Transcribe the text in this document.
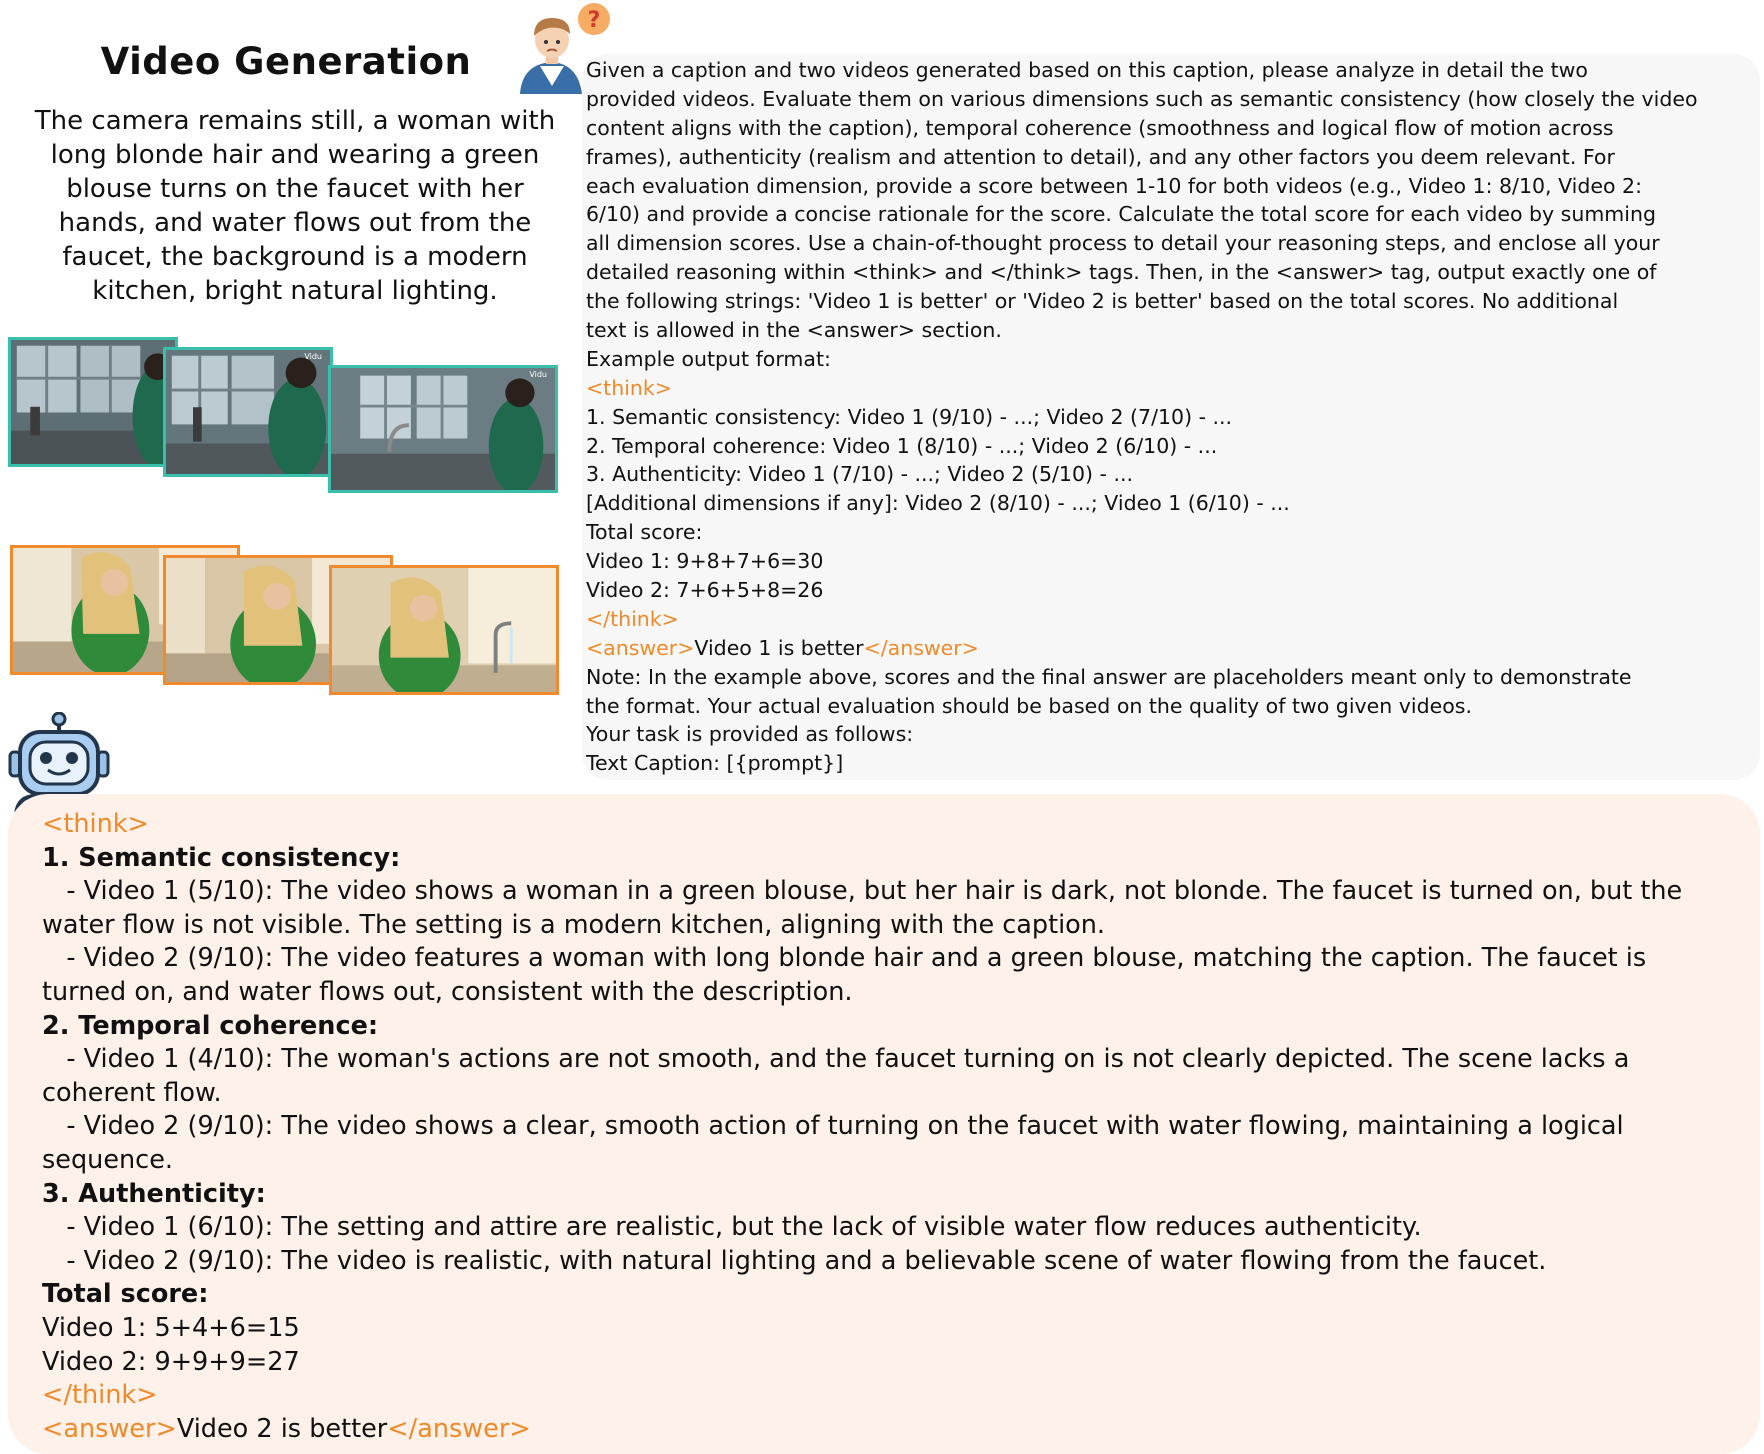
Video Generation
The camera remains still, a woman with long blonde hair and wearing a green blouse turns on the faucet with her hands, and water flows out from the faucet, the background is a modern kitchen, bright natural lighting.
Vidu
Vidu
?
Given a caption and two videos generated based on this caption, please analyze in detail the two
provided videos. Evaluate them on various dimensions such as semantic consistency (how closely the video
content aligns with the caption), temporal coherence (smoothness and logical flow of motion across
frames), authenticity (realism and attention to detail), and any other factors you deem relevant. For
each evaluation dimension, provide a score between 1-10 for both videos (e.g., Video 1: 8/10, Video 2:
6/10) and provide a concise rationale for the score. Calculate the total score for each video by summing
all dimension scores. Use a chain-of-thought process to detail your reasoning steps, and enclose all your
detailed reasoning within <think> and </think> tags. Then, in the <answer> tag, output exactly one of
the following strings: 'Video 1 is better' or 'Video 2 is better' based on the total scores. No additional
text is allowed in the <answer> section.
Example output format:
<think>
1. Semantic consistency: Video 1 (9/10) - ...; Video 2 (7/10) - ...
2. Temporal coherence: Video 1 (8/10) - ...; Video 2 (6/10) - ...
3. Authenticity: Video 1 (7/10) - ...; Video 2 (5/10) - ...
[Additional dimensions if any]: Video 2 (8/10) - ...; Video 1 (6/10) - ...
Total score:
Video 1: 9+8+7+6=30
Video 2: 7+6+5+8=26
</think>
<answer>Video 1 is better</answer>
Note: In the example above, scores and the final answer are placeholders meant only to demonstrate
the format. Your actual evaluation should be based on the quality of two given videos.
Your task is provided as follows:
Text Caption: [{prompt}]
<think>
1. Semantic consistency:
- Video 1 (5/10): The video shows a woman in a green blouse, but her hair is dark, not blonde. The faucet is turned on, but the
water flow is not visible. The setting is a modern kitchen, aligning with the caption.
- Video 2 (9/10): The video features a woman with long blonde hair and a green blouse, matching the caption. The faucet is
turned on, and water flows out, consistent with the description.
2. Temporal coherence:
- Video 1 (4/10): The woman's actions are not smooth, and the faucet turning on is not clearly depicted. The scene lacks a
coherent flow.
- Video 2 (9/10): The video shows a clear, smooth action of turning on the faucet with water flowing, maintaining a logical
sequence.
3. Authenticity:
- Video 1 (6/10): The setting and attire are realistic, but the lack of visible water flow reduces authenticity.
- Video 2 (9/10): The video is realistic, with natural lighting and a believable scene of water flowing from the faucet.
Total score:
Video 1: 5+4+6=15
Video 2: 9+9+9=27
</think>
<answer>Video 2 is better</answer>
